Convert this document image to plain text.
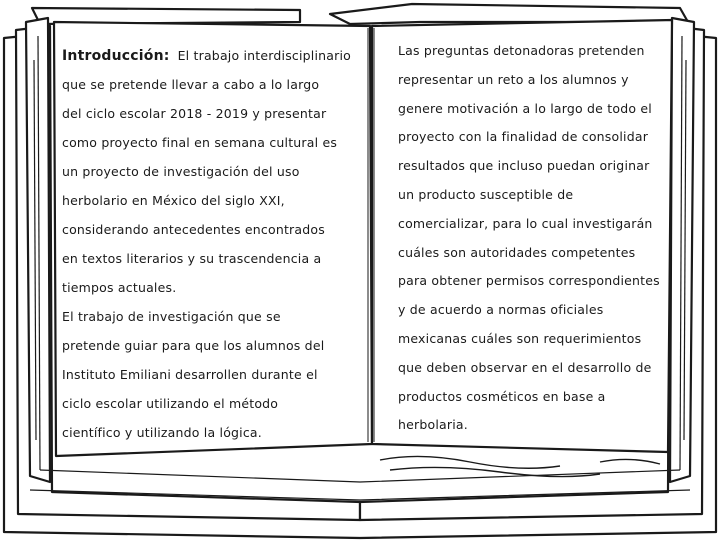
Introducción: El trabajo interdisciplinario
que se pretende llevar a cabo a lo largo
del ciclo escolar 2018 - 2019 y presentar
como proyecto final en semana cultural es
un proyecto de investigación del uso
herbolario en México del siglo XXI,
considerando antecedentes encontrados
en textos literarios y su trascendencia a
tiempos actuales.
El trabajo de investigación que se
pretende guiar para que los alumnos del
Instituto Emiliani desarrollen durante el
ciclo escolar utilizando el método
científico y utilizando la lógica.
Las preguntas detonadoras pretenden
representar un reto a los alumnos y
genere motivación a lo largo de todo el
proyecto con la finalidad de consolidar
resultados que incluso puedan originar
un producto susceptible de
comercializar, para lo cual investigarán
cuáles son autoridades competentes
para obtener permisos correspondientes
y de acuerdo a normas oficiales
mexicanas cuáles son requerimientos
que deben observar en el desarrollo de
productos cosméticos en base a
herbolaria.
